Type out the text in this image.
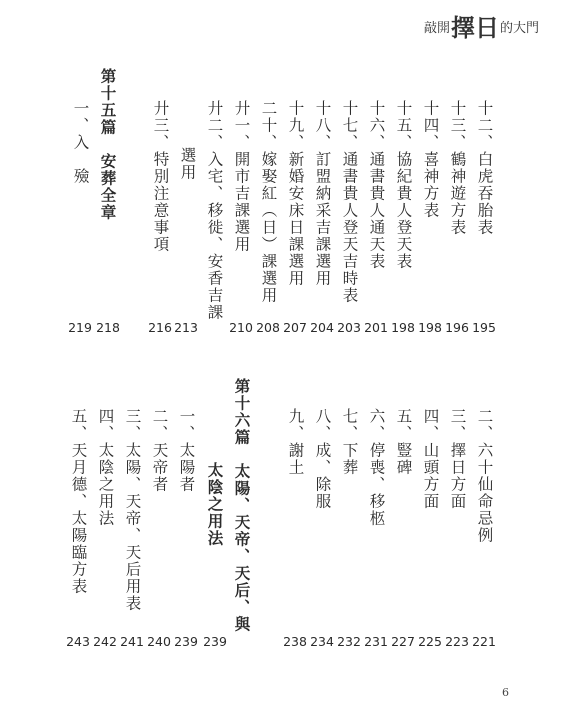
敲開擇日的大門
十二、白虎吞胎表
195
十三、鶴神遊方表
196
十四、喜神方表
198
十五、協紀貴人登天表
198
十六、通書貴人通天表
201
十七、通書貴人登天吉時表
203
十八、訂盟納采吉課選用
204
十九、新婚安床日課選用
207
二十、嫁娶紅（日）課選用
208
廾一、開市吉課選用
210
廾二、入宅、移徙、安香吉課
213
選用
廾三、特別注意事項
216
第十五篇　安葬全章
218
一、入　殮
219
二、六十仙命忌例
221
三、擇日方面
223
四、山頭方面
225
五、豎碑
227
六、停喪、移柩
231
七、下葬
232
八、成、除服
234
九、謝土
238
第十六篇　太陽、天帝、天后、與
239
太陰之用法
一、太陽者
239
二、天帝者
240
三、太陽、天帝、天后用表
241
四、太陰之用法
242
五、天月德、太陽臨方表
243
6
